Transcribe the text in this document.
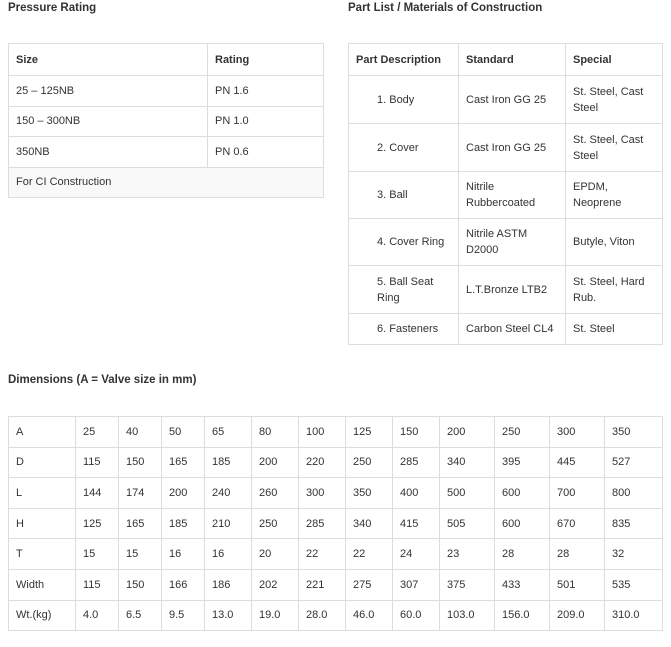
Pressure Rating	Part List / Materials of Construction
Size	Rating
25 – 125NB	PN 1.6
150 – 300NB	PN 1.0
350NB	PN 0.6
For CI Construction	
Part Description	Standard	Special
1. Body	Cast Iron GG 25	St. Steel, Cast Steel
2. Cover	Cast Iron GG 25	St. Steel, Cast Steel
3. Ball	Nitrile Rubbercoated	EPDM, Neoprene
4. Cover Ring	Nitrile ASTM D2000	Butyle, Viton
5. Ball Seat Ring	L.T.Bronze LTB2	St. Steel, Hard Rub.
6. Fasteners	Carbon Steel CL4	St. Steel
Dimensions (A = Valve size in mm)
A	25	40	50	65	80	100	125	150	200	250	300	350
D	115	150	165	185	200	220	250	285	340	395	445	527
L	144	174	200	240	260	300	350	400	500	600	700	800
H	125	165	185	210	250	285	340	415	505	600	670	835
T	15	15	16	16	20	22	22	24	23	28	28	32
Width	115	150	166	186	202	221	275	307	375	433	501	535
Wt.(kg)	4.0	6.5	9.5	13.0	19.0	28.0	46.0	60.0	103.0	156.0	209.0	310.0
